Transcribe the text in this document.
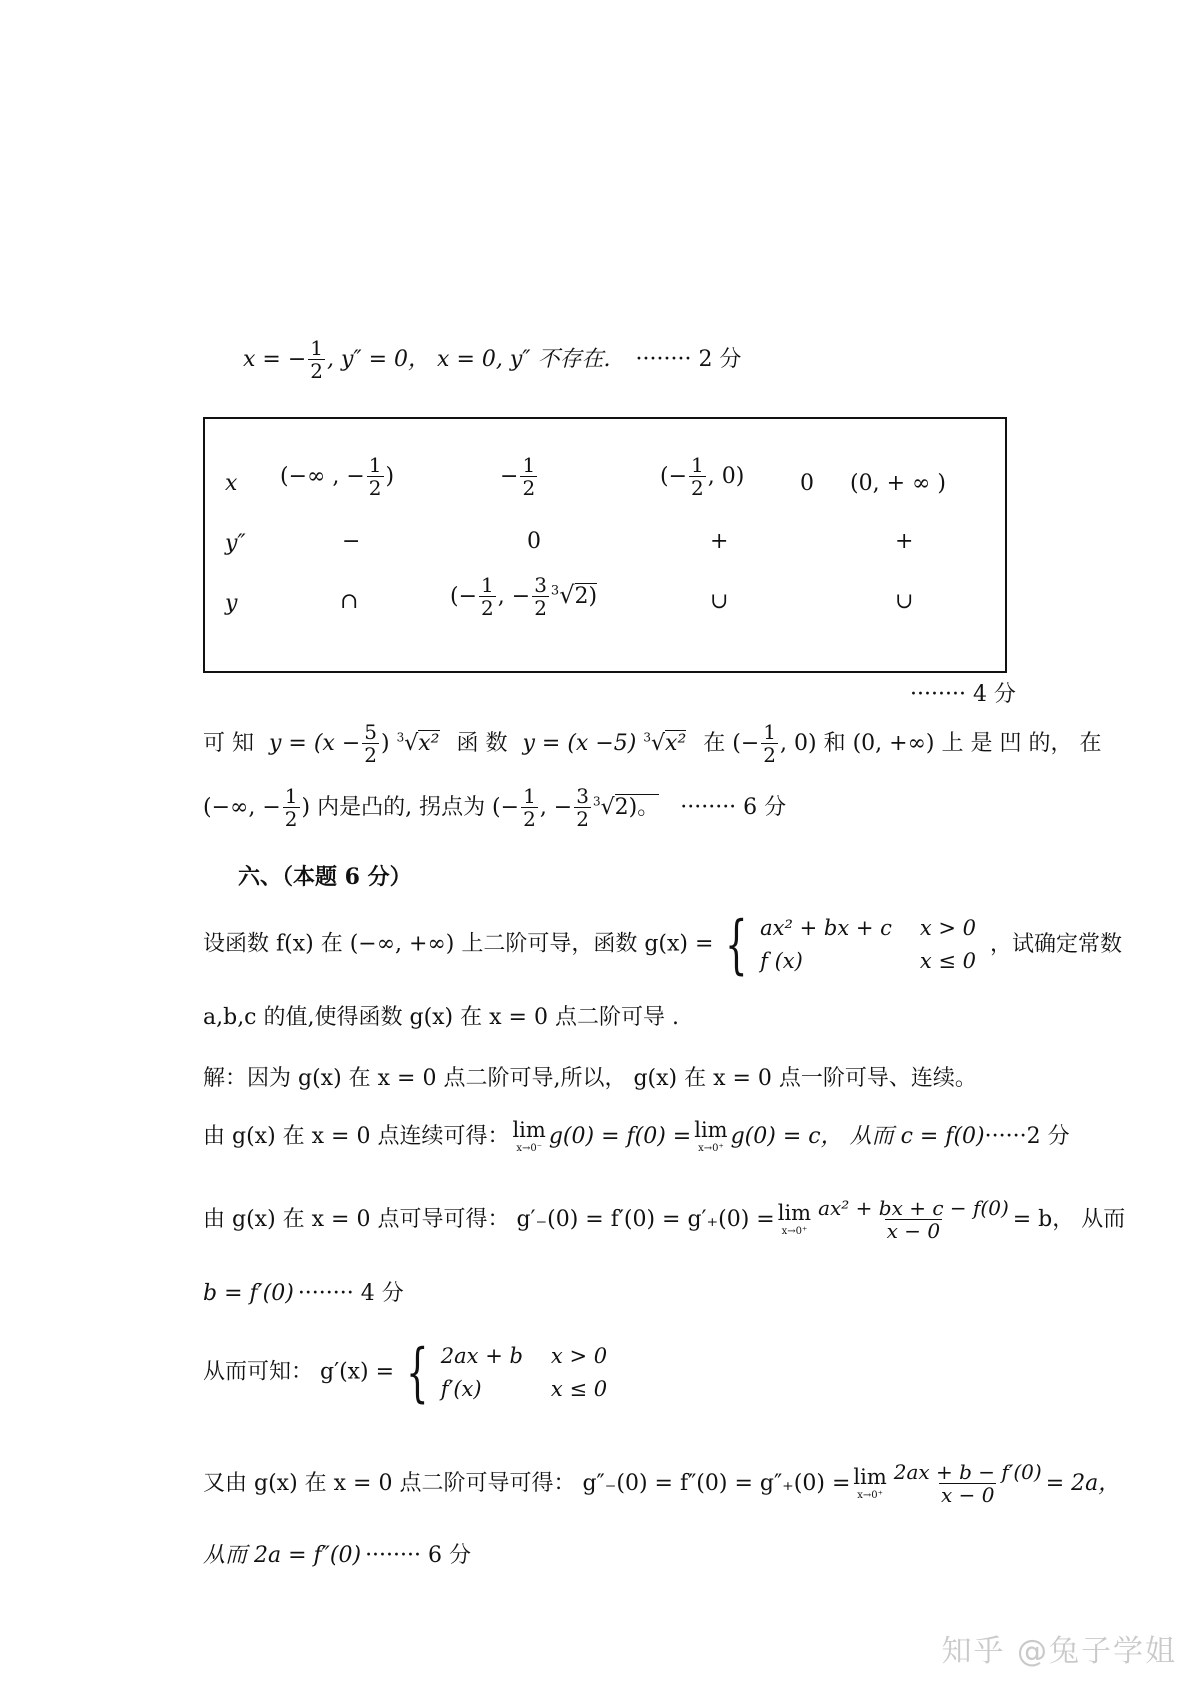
x = − $\frac{1}{2}$ , y″ = 0， x = 0, y″ 不存在. ········ 2 分
x (−∞ , − $\frac{1}{2}$ )	− $\frac{1}{2}$	(− $\frac{1}{2}$ , 0)	0 (0, + ∞ )
y″	−	0	+	+
y	∩	(− $\frac{1}{2}$ , − $\frac{3}{2} ^3√2$)	∪	∪
········ 4 分
可 知 $y = (x - \frac{5}{2}$ ) $^3$√x² 函 数 y = (x −5) $^3$√x² 在 (− $\frac{1}{2}$ , 0) 和 (0, +∞) 上 是 凹 的， 在
(−∞, − $\frac{1}{2}$ ) 内是凸的, 拐点为 (− $\frac{1}{2}$ , − $\frac{3}{2} ^3√2$)。 ········ 6 分
六、（本题 6 分）
设函数 f(x) 在 (−∞, +∞) 上二阶可导，函数 g(x) = { ax² + bx + c x > 0
f (x)	x ≤ 0
，试确定常数
a,b,c 的值,使得函数 g(x) 在 x = 0 点二阶可导 .
解：因为 g(x) 在 x = 0 点二阶可导,所以， g(x) 在 x = 0 点一阶可导、连续。
由 g(x) 在 x = 0 点连续可得： lim
x→0⁻ g(0) = f(0) = lim
x→0⁺ g(0) = c， 从而 c = f(0)······2 分
由 g(x) 在 x = 0 点可导可得： g′₋(0) = f′(0) = g′₊(0) = lim
$x\to 0^+ \frac{\text{ax² + bx + c − f(0)}}{x - 0} = b$， 从而
b = f′(0) ········ 4 分
从而可知： g′(x) = { 2ax + b x > 0
f′(x)	x ≤ 0
又由 g(x) 在 x = 0 点二阶可导可得： g″₋(0) = f″(0) = g″₊(0) = lim
$x\to 0^+ \frac{2ax + b - f'(0)}{x - 0} = 2a$，
从而 2a = f″(0) ········ 6 分
知乎 @兔子学姐
